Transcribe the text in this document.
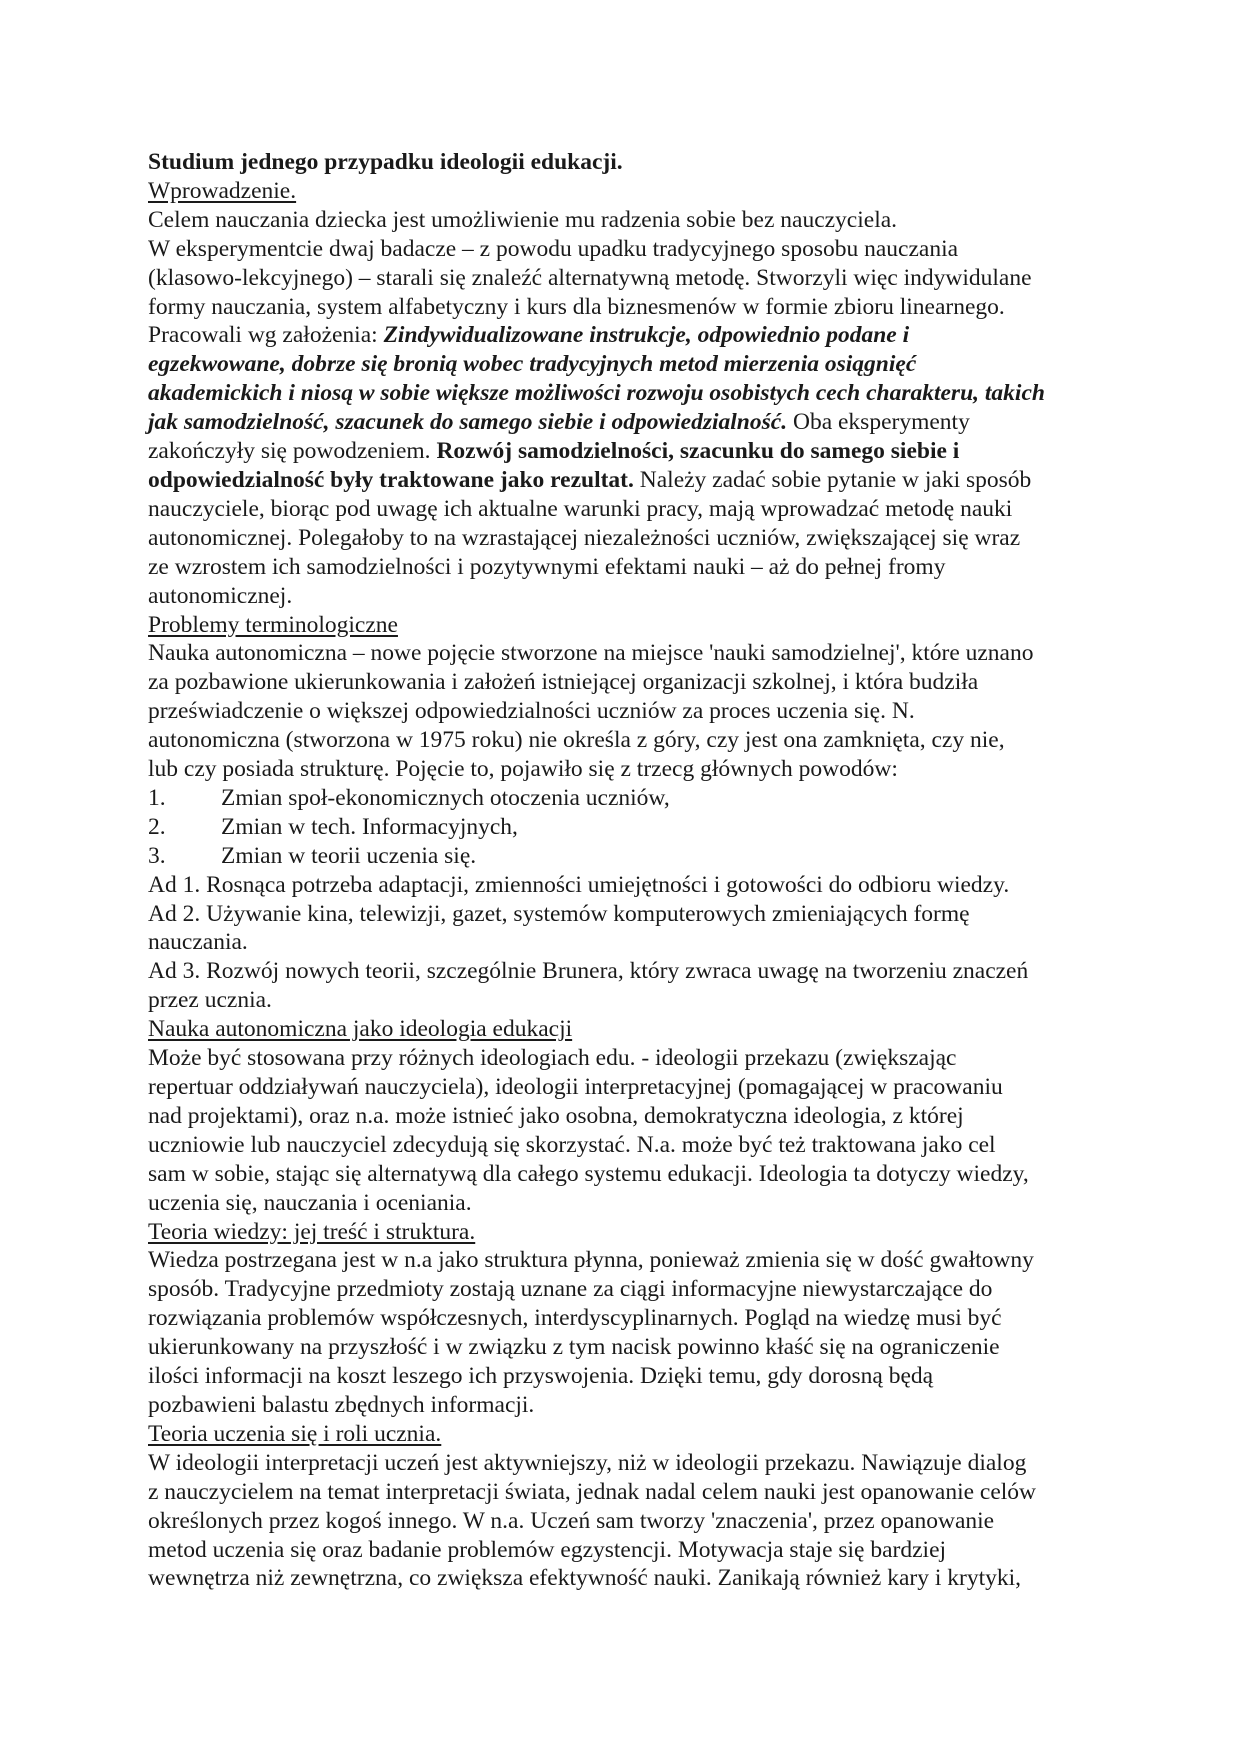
Studium jednego przypadku ideologii edukacji.
Wprowadzenie.
Celem nauczania dziecka jest umożliwienie mu radzenia sobie bez nauczyciela.
W eksperymentcie dwaj badacze – z powodu upadku tradycyjnego sposobu nauczania
(klasowo-lekcyjnego) – starali się znaleźć alternatywną metodę. Stworzyli więc indywidulane
formy nauczania, system alfabetyczny i kurs dla biznesmenów w formie zbioru linearnego.
Pracowali wg założenia: Zindywidualizowane instrukcje, odpowiednio podane i
egzekwowane, dobrze się bronią wobec tradycyjnych metod mierzenia osiągnięć
akademickich i niosą w sobie większe możliwości rozwoju osobistych cech charakteru, takich
jak samodzielność, szacunek do samego siebie i odpowiedzialność. Oba eksperymenty
zakończyły się powodzeniem. Rozwój samodzielności, szacunku do samego siebie i
odpowiedzialność były traktowane jako rezultat. Należy zadać sobie pytanie w jaki sposób
nauczyciele, biorąc pod uwagę ich aktualne warunki pracy, mają wprowadzać metodę nauki
autonomicznej. Polegałoby to na wzrastającej niezależności uczniów, zwiększającej się wraz
ze wzrostem ich samodzielności i pozytywnymi efektami nauki – aż do pełnej fromy
autonomicznej.
Problemy terminologiczne
Nauka autonomiczna – nowe pojęcie stworzone na miejsce 'nauki samodzielnej', które uznano
za pozbawione ukierunkowania i założeń istniejącej organizacji szkolnej, i która budziła
przeświadczenie o większej odpowiedzialności uczniów za proces uczenia się. N.
autonomiczna (stworzona w 1975 roku) nie określa z góry, czy jest ona zamknięta, czy nie,
lub czy posiada strukturę. Pojęcie to, pojawiło się z trzecg głównych powodów:
1. Zmian społ-ekonomicznych otoczenia uczniów,
2. Zmian w tech. Informacyjnych,
3. Zmian w teorii uczenia się.
Ad 1. Rosnąca potrzeba adaptacji, zmienności umiejętności i gotowości do odbioru wiedzy.
Ad 2. Używanie kina, telewizji, gazet, systemów komputerowych zmieniających formę
nauczania.
Ad 3. Rozwój nowych teorii, szczególnie Brunera, który zwraca uwagę na tworzeniu znaczeń
przez ucznia.
Nauka autonomiczna jako ideologia edukacji
Może być stosowana przy różnych ideologiach edu. - ideologii przekazu (zwiększając
repertuar oddziaływań nauczyciela), ideologii interpretacyjnej (pomagającej w pracowaniu
nad projektami), oraz n.a. może istnieć jako osobna, demokratyczna ideologia, z której
uczniowie lub nauczyciel zdecydują się skorzystać. N.a. może być też traktowana jako cel
sam w sobie, stając się alternatywą dla całego systemu edukacji. Ideologia ta dotyczy wiedzy,
uczenia się, nauczania i oceniania.
Teoria wiedzy: jej treść i struktura.
Wiedza postrzegana jest w n.a jako struktura płynna, ponieważ zmienia się w dość gwałtowny
sposób. Tradycyjne przedmioty zostają uznane za ciągi informacyjne niewystarczające do
rozwiązania problemów współczesnych, interdyscyplinarnych. Pogląd na wiedzę musi być
ukierunkowany na przyszłość i w związku z tym nacisk powinno kłaść się na ograniczenie
ilości informacji na koszt leszego ich przyswojenia. Dzięki temu, gdy dorosną będą
pozbawieni balastu zbędnych informacji.
Teoria uczenia się i roli ucznia.
W ideologii interpretacji uczeń jest aktywniejszy, niż w ideologii przekazu. Nawiązuje dialog
z nauczycielem na temat interpretacji świata, jednak nadal celem nauki jest opanowanie celów
określonych przez kogoś innego. W n.a. Uczeń sam tworzy 'znaczenia', przez opanowanie
metod uczenia się oraz badanie problemów egzystencji. Motywacja staje się bardziej
wewnętrza niż zewnętrzna, co zwiększa efektywność nauki. Zanikają również kary i krytyki,
